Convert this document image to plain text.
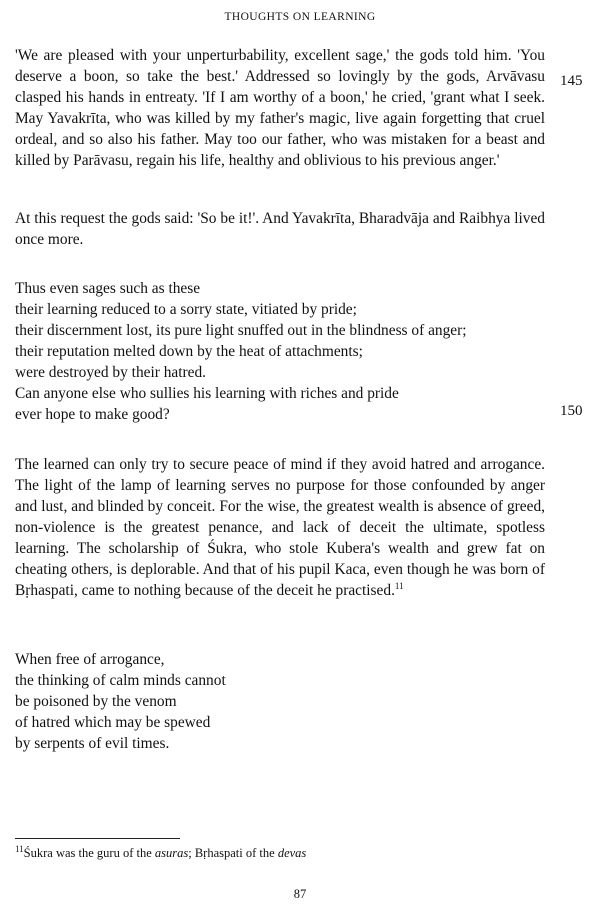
THOUGHTS ON LEARNING
'We are pleased with your unperturbability, excellent sage,' the gods told him. 'You deserve a boon, so take the best.' Addressed so lovingly by the gods, Arvāvasu clasped his hands in entreaty. 'If I am worthy of a boon,' he cried, 'grant what I seek. May Yavakrīta, who was killed by my father's magic, live again forgetting that cruel ordeal, and so also his father. May too our father, who was mistaken for a beast and killed by Parāvasu, regain his life, healthy and oblivious to his previous anger.'
145
At this request the gods said: 'So be it!'. And Yavakrīta, Bharadvāja and Raibhya lived once more.
Thus even sages such as these
their learning reduced to a sorry state, vitiated by pride;
their discernment lost, its pure light snuffed out in the blindness of anger;
their reputation melted down by the heat of attachments;
were destroyed by their hatred.
Can anyone else who sullies his learning with riches and pride
ever hope to make good?	150
The learned can only try to secure peace of mind if they avoid hatred and arrogance. The light of the lamp of learning serves no purpose for those confounded by anger and lust, and blinded by conceit. For the wise, the greatest wealth is absence of greed, non-violence is the greatest penance, and lack of deceit the ultimate, spotless learning. The scholarship of Śukra, who stole Kubera's wealth and grew fat on cheating others, is deplorable. And that of his pupil Kaca, even though he was born of Bṛhaspati, came to nothing because of the deceit he practised.$^{11}$
When free of arrogance,
the thinking of calm minds cannot
be poisoned by the venom
of hatred which may be spewed
by serpents of evil times.
$^{11}$Śukra was the guru of the asuras; Bṛhaspati of the devas
87
